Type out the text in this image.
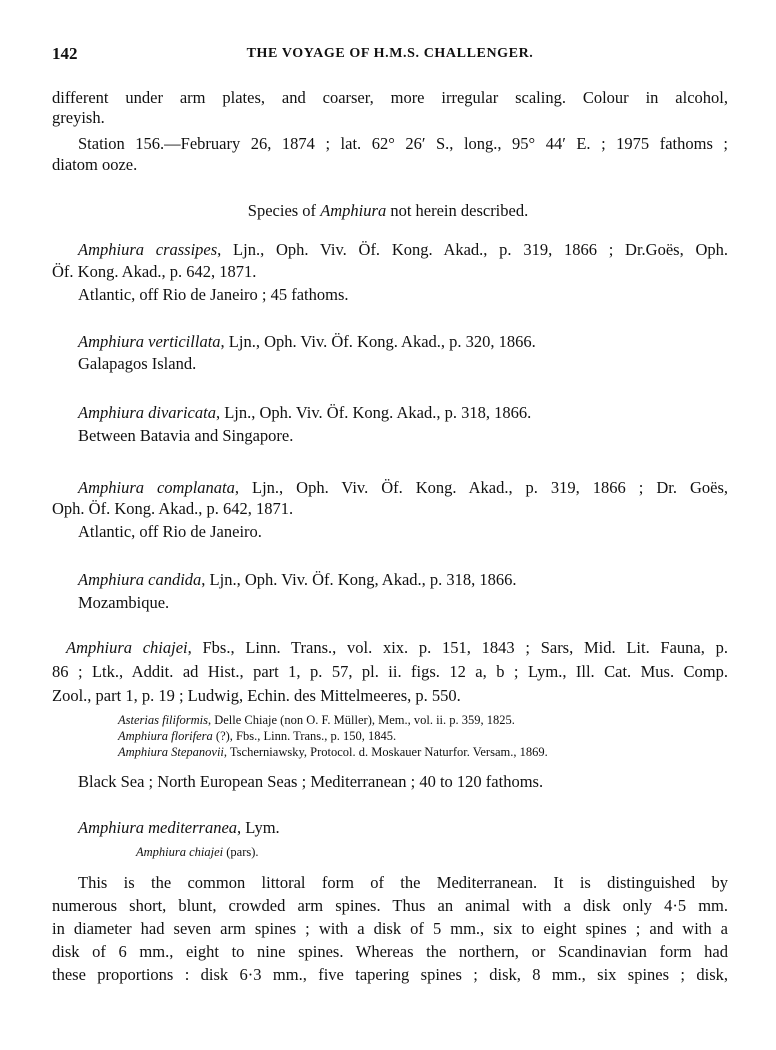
142	THE VOYAGE OF H.M.S. CHALLENGER.
different under arm plates, and coarser, more irregular scaling. Colour in alcohol,
greyish.
Station 156.—February 26, 1874 ; lat. 62° 26′ S., long., 95° 44′ E. ; 1975 fathoms ;
diatom ooze.
Species of Amphiura not herein described.
Amphiura crassipes, Ljn., Oph. Viv. Öf. Kong. Akad., p. 319, 1866 ; Dr.Goës, Oph.
Öf. Kong. Akad., p. 642, 1871.
Atlantic, off Rio de Janeiro ; 45 fathoms.
Amphiura verticillata, Ljn., Oph. Viv. Öf. Kong. Akad., p. 320, 1866.
Galapagos Island.
Amphiura divaricata, Ljn., Oph. Viv. Öf. Kong. Akad., p. 318, 1866.
Between Batavia and Singapore.
Amphiura complanata, Ljn., Oph. Viv. Öf. Kong. Akad., p. 319, 1866 ; Dr. Goës,
Oph. Öf. Kong. Akad., p. 642, 1871.
Atlantic, off Rio de Janeiro.
Amphiura candida, Ljn., Oph. Viv. Öf. Kong, Akad., p. 318, 1866.
Mozambique.
Amphiura chiajei, Fbs., Linn. Trans., vol. xix. p. 151, 1843 ; Sars, Mid. Lit. Fauna, p.
86 ; Ltk., Addit. ad Hist., part 1, p. 57, pl. ii. figs. 12 a, b ; Lym., Ill. Cat. Mus. Comp.
Zool., part 1, p. 19 ; Ludwig, Echin. des Mittelmeeres, p. 550.
Asterias filiformis, Delle Chiaje (non O. F. Müller), Mem., vol. ii. p. 359, 1825.
Amphiura florifera (?), Fbs., Linn. Trans., p. 150, 1845.
Amphiura Stepanovii, Tscherniawsky, Protocol. d. Moskauer Naturfor. Versam., 1869.
Black Sea ; North European Seas ; Mediterranean ; 40 to 120 fathoms.
Amphiura mediterranea, Lym.
Amphiura chiajei (pars).
This is the common littoral form of the Mediterranean. It is distinguished by
numerous short, blunt, crowded arm spines. Thus an animal with a disk only 4·5 mm.
in diameter had seven arm spines ; with a disk of 5 mm., six to eight spines ; and with a
disk of 6 mm., eight to nine spines. Whereas the northern, or Scandinavian form had
these proportions : disk 6·3 mm., five tapering spines ; disk, 8 mm., six spines ; disk,
